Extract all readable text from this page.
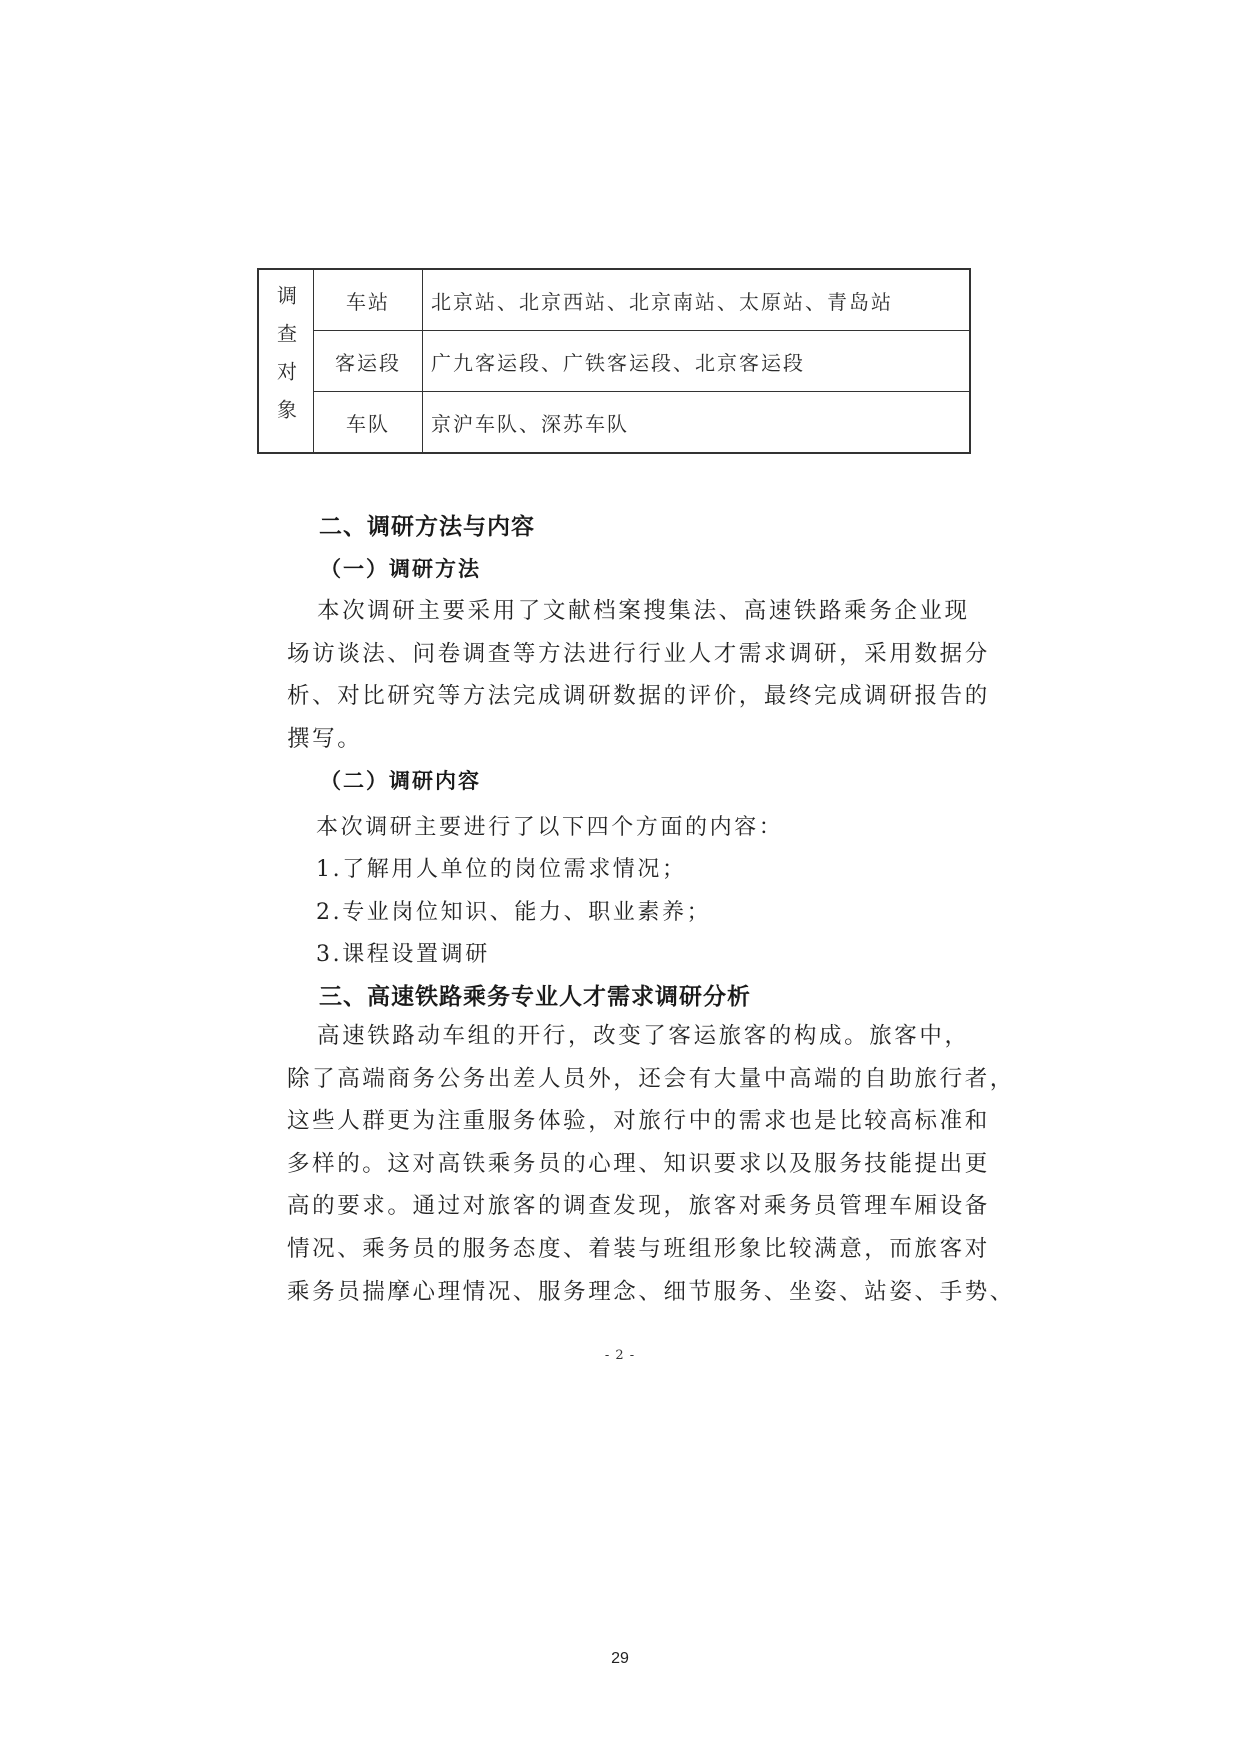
调查对象	车站	北京站、北京西站、北京南站、太原站、青岛站
	客运段	广九客运段、广铁客运段、北京客运段
	车队	京沪车队、深苏车队
二、调研方法与内容
（一）调研方法
本次调研主要采用了文献档案搜集法、高速铁路乘务企业现
场访谈法、问卷调查等方法进行行业人才需求调研，采用数据分
析、对比研究等方法完成调研数据的评价，最终完成调研报告的
撰写。
（二）调研内容
本次调研主要进行了以下四个方面的内容：
1.了解用人单位的岗位需求情况；
2.专业岗位知识、能力、职业素养；
3.课程设置调研
三、高速铁路乘务专业人才需求调研分析
高速铁路动车组的开行，改变了客运旅客的构成。旅客中，
除了高端商务公务出差人员外，还会有大量中高端的自助旅行者，
这些人群更为注重服务体验，对旅行中的需求也是比较高标准和
多样的。这对高铁乘务员的心理、知识要求以及服务技能提出更
高的要求。通过对旅客的调查发现，旅客对乘务员管理车厢设备
情况、乘务员的服务态度、着装与班组形象比较满意，而旅客对
乘务员揣摩心理情况、服务理念、细节服务、坐姿、站姿、手势、
- 2 -
29
